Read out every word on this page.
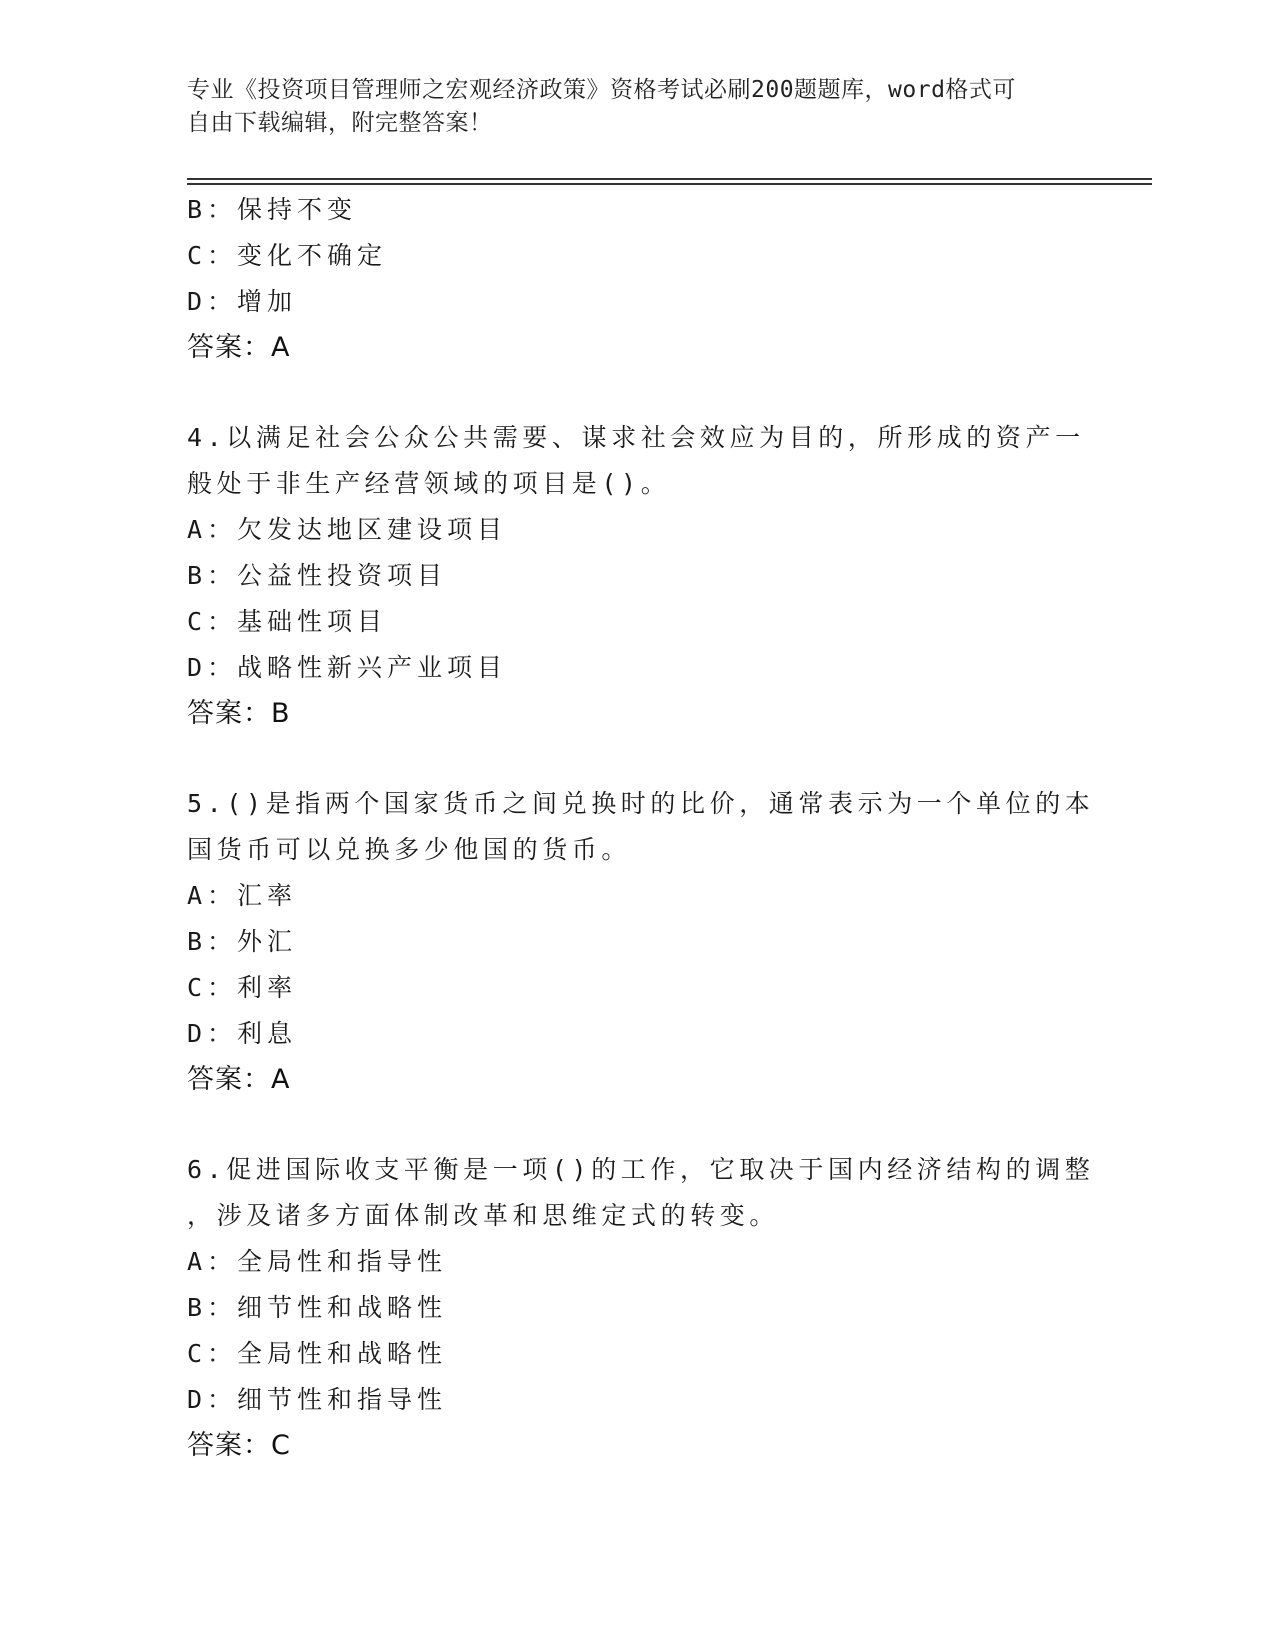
专业《投资项目管理师之宏观经济政策》资格考试必刷200题题库，word格式可
自由下载编辑，附完整答案！
B：保持不变
C：变化不确定
D：增加
答案：A
4.以满足社会公众公共需要、谋求社会效应为目的，所形成的资产一
般处于非生产经营领域的项目是()。
A：欠发达地区建设项目
B：公益性投资项目
C：基础性项目
D：战略性新兴产业项目
答案：B
5.()是指两个国家货币之间兑换时的比价，通常表示为一个单位的本
国货币可以兑换多少他国的货币。
A：汇率
B：外汇
C：利率
D：利息
答案：A
6.促进国际收支平衡是一项()的工作，它取决于国内经济结构的调整
，涉及诸多方面体制改革和思维定式的转变。
A：全局性和指导性
B：细节性和战略性
C：全局性和战略性
D：细节性和指导性
答案：C
